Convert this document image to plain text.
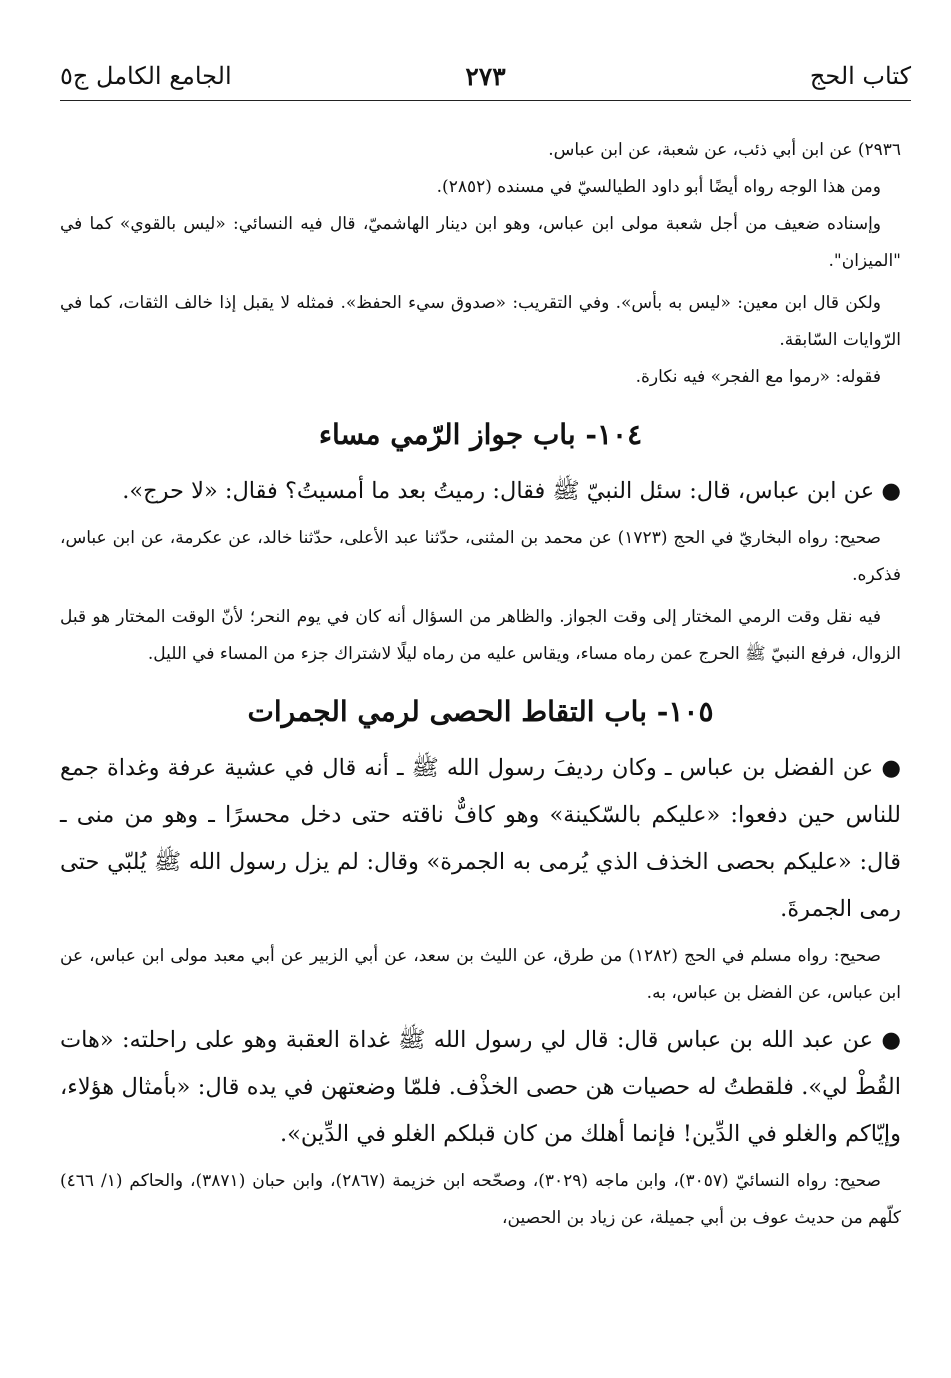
كتاب الحج
٢٧٣
الجامع الكامل ج٥

٢٩٣٦) عن ابن أبي ذئب، عن شعبة، عن ابن عباس.

ومن هذا الوجه رواه أيضًا أبو داود الطيالسيّ في مسنده (٢٨٥٢).

وإسناده ضعيف من أجل شعبة مولى ابن عباس، وهو ابن دينار الهاشميّ، قال فيه النسائي: «ليس بالقوي» كما في "الميزان".

ولكن قال ابن معين: «ليس به بأس». وفي التقريب: «صدوق سيء الحفظ». فمثله لا يقبل إذا خالف الثقات، كما في الرّوايات السّابقة.

فقوله: «رموا مع الفجر» فيه نكارة.

١٠٤- باب جواز الرّمي مساء

● عن ابن عباس، قال: سئل النبيّ ﷺ فقال: رميتُ بعد ما أمسيتُ؟ فقال: «لا حرج».

صحيح: رواه البخاريّ في الحج (١٧٢٣) عن محمد بن المثنى، حدّثنا عبد الأعلى، حدّثنا خالد، عن عكرمة، عن ابن عباس، فذكره.

فيه نقل وقت الرمي المختار إلى وقت الجواز. والظاهر من السؤال أنه كان في يوم النحر؛ لأنّ الوقت المختار هو قبل الزوال، فرفع النبيّ ﷺ الحرج عمن رماه مساء، ويقاس عليه من رماه ليلًا لاشتراك جزء من المساء في الليل.

١٠٥- باب التقاط الحصى لرمي الجمرات

● عن الفضل بن عباس ـ وكان رديفَ رسول الله ﷺ ـ أنه قال في عشية عرفة وغداة جمع للناس حين دفعوا: «عليكم بالسّكينة» وهو كافٌّ ناقته حتى دخل محسرًا ـ وهو من منى ـ قال: «عليكم بحصى الخذف الذي يُرمى به الجمرة» وقال: لم يزل رسول الله ﷺ يُلبّي حتى رمى الجمرةَ.

صحيح: رواه مسلم في الحج (١٢٨٢) من طرق، عن الليث بن سعد، عن أبي الزبير عن أبي معبد مولى ابن عباس، عن ابن عباس، عن الفضل بن عباس، به.

● عن عبد الله بن عباس قال: قال لي رسول الله ﷺ غداة العقبة وهو على راحلته: «هات القُطْ لي». فلقطتُ له حصيات هن حصى الخذْف. فلمّا وضعتهن في يده قال: «بأمثال هؤلاء، وإيّاكم والغلو في الدِّين! فإنما أهلك من كان قبلكم الغلو في الدِّين».

صحيح: رواه النسائيّ (٣٠٥٧)، وابن ماجه (٣٠٢٩)، وصحّحه ابن خزيمة (٢٨٦٧)، وابن حبان (٣٨٧١)، والحاكم (١/ ٤٦٦) كلّهم من حديث عوف بن أبي جميلة، عن زياد بن الحصين،
